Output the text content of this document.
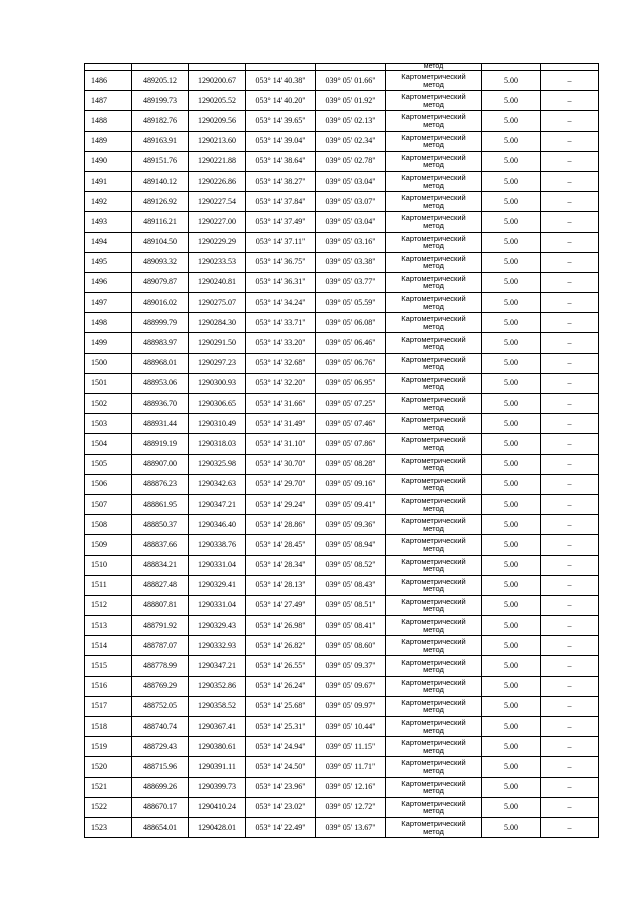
					метод		
1486	489205.12	1290200.67	053° 14' 40.38"	039° 05' 01.66"	Картометрический
метод	5.00	–
1487	489199.73	1290205.52	053° 14' 40.20"	039° 05' 01.92"	Картометрический
метод	5.00	–
1488	489182.76	1290209.56	053° 14' 39.65"	039° 05' 02.13"	Картометрический
метод	5.00	–
1489	489163.91	1290213.60	053° 14' 39.04"	039° 05' 02.34"	Картометрический
метод	5.00	–
1490	489151.76	1290221.88	053° 14' 38.64"	039° 05' 02.78"	Картометрический
метод	5.00	–
1491	489140.12	1290226.86	053° 14' 38.27"	039° 05' 03.04"	Картометрический
метод	5.00	–
1492	489126.92	1290227.54	053° 14' 37.84"	039° 05' 03.07"	Картометрический
метод	5.00	–
1493	489116.21	1290227.00	053° 14' 37.49"	039° 05' 03.04"	Картометрический
метод	5.00	–
1494	489104.50	1290229.29	053° 14' 37.11"	039° 05' 03.16"	Картометрический
метод	5.00	–
1495	489093.32	1290233.53	053° 14' 36.75"	039° 05' 03.38"	Картометрический
метод	5.00	–
1496	489079.87	1290240.81	053° 14' 36.31"	039° 05' 03.77"	Картометрический
метод	5.00	–
1497	489016.02	1290275.07	053° 14' 34.24"	039° 05' 05.59"	Картометрический
метод	5.00	–
1498	488999.79	1290284.30	053° 14' 33.71"	039° 05' 06.08"	Картометрический
метод	5.00	–
1499	488983.97	1290291.50	053° 14' 33.20"	039° 05' 06.46"	Картометрический
метод	5.00	–
1500	488968.01	1290297.23	053° 14' 32.68"	039° 05' 06.76"	Картометрический
метод	5.00	–
1501	488953.06	1290300.93	053° 14' 32.20"	039° 05' 06.95"	Картометрический
метод	5.00	–
1502	488936.70	1290306.65	053° 14' 31.66"	039° 05' 07.25"	Картометрический
метод	5.00	–
1503	488931.44	1290310.49	053° 14' 31.49"	039° 05' 07.46"	Картометрический
метод	5.00	–
1504	488919.19	1290318.03	053° 14' 31.10"	039° 05' 07.86"	Картометрический
метод	5.00	–
1505	488907.00	1290325.98	053° 14' 30.70"	039° 05' 08.28"	Картометрический
метод	5.00	–
1506	488876.23	1290342.63	053° 14' 29.70"	039° 05' 09.16"	Картометрический
метод	5.00	–
1507	488861.95	1290347.21	053° 14' 29.24"	039° 05' 09.41"	Картометрический
метод	5.00	–
1508	488850.37	1290346.40	053° 14' 28.86"	039° 05' 09.36"	Картометрический
метод	5.00	–
1509	488837.66	1290338.76	053° 14' 28.45"	039° 05' 08.94"	Картометрический
метод	5.00	–
1510	488834.21	1290331.04	053° 14' 28.34"	039° 05' 08.52"	Картометрический
метод	5.00	–
1511	488827.48	1290329.41	053° 14' 28.13"	039° 05' 08.43"	Картометрический
метод	5.00	–
1512	488807.81	1290331.04	053° 14' 27.49"	039° 05' 08.51"	Картометрический
метод	5.00	–
1513	488791.92	1290329.43	053° 14' 26.98"	039° 05' 08.41"	Картометрический
метод	5.00	–
1514	488787.07	1290332.93	053° 14' 26.82"	039° 05' 08.60"	Картометрический
метод	5.00	–
1515	488778.99	1290347.21	053° 14' 26.55"	039° 05' 09.37"	Картометрический
метод	5.00	–
1516	488769.29	1290352.86	053° 14' 26.24"	039° 05' 09.67"	Картометрический
метод	5.00	–
1517	488752.05	1290358.52	053° 14' 25.68"	039° 05' 09.97"	Картометрический
метод	5.00	–
1518	488740.74	1290367.41	053° 14' 25.31"	039° 05' 10.44"	Картометрический
метод	5.00	–
1519	488729.43	1290380.61	053° 14' 24.94"	039° 05' 11.15"	Картометрический
метод	5.00	–
1520	488715.96	1290391.11	053° 14' 24.50"	039° 05' 11.71"	Картометрический
метод	5.00	–
1521	488699.26	1290399.73	053° 14' 23.96"	039° 05' 12.16"	Картометрический
метод	5.00	–
1522	488670.17	1290410.24	053° 14' 23.02"	039° 05' 12.72"	Картометрический
метод	5.00	–
1523	488654.01	1290428.01	053° 14' 22.49"	039° 05' 13.67"	Картометрический
метод	5.00	–
